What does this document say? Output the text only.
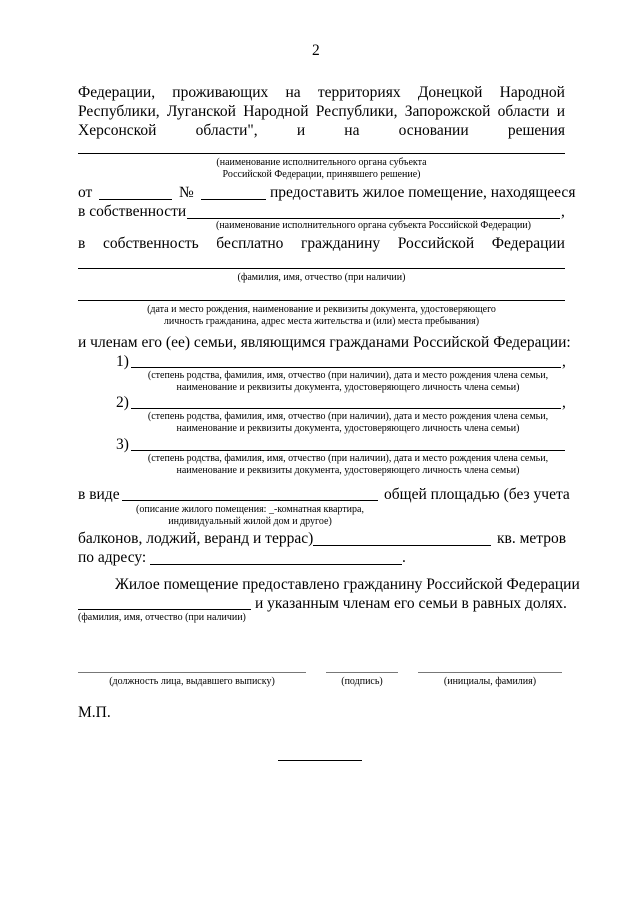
2
Федерации, проживающих на территориях Донецкой Народной
Республики, Луганской Народной Республики, Запорожской области и
Херсонской	области",	и	на	основании	решения
(наименование исполнительного органа субъекта
Российской Федерации, принявшего решение)
от	№	предоставить жилое помещение, находящееся
в собственности	,
(наименование исполнительного органа субъекта Российской Федерации)
в собственность бесплатно гражданину Российской Федерации
(фамилия, имя, отчество (при наличии)
(дата и место рождения, наименование и реквизиты документа, удостоверяющего
личность гражданина, адрес места жительства и (или) места пребывания)
и членам его (ее) семьи, являющимся гражданами Российской Федерации:
1)	,
(степень родства, фамилия, имя, отчество (при наличии), дата и место рождения члена семьи,
наименование и реквизиты документа, удостоверяющего личность члена семьи)
2)	,
(степень родства, фамилия, имя, отчество (при наличии), дата и место рождения члена семьи,
наименование и реквизиты документа, удостоверяющего личность члена семьи)
3)
(степень родства, фамилия, имя, отчество (при наличии), дата и место рождения члена семьи,
наименование и реквизиты документа, удостоверяющего личность члена семьи)
в виде	общей площадью (без учета
(описание жилого помещения: _-комнатная квартира,
индивидуальный жилой дом и другое)
балконов, лоджий, веранд и террас)	кв. метров
по адресу:	.
Жилое помещение предоставлено гражданину Российской Федерации
и указанным членам его семьи в равных долях.
(фамилия, имя, отчество (при наличии)
(должность лица, выдавшего выписку)	(подпись)	(инициалы, фамилия)
М.П.
